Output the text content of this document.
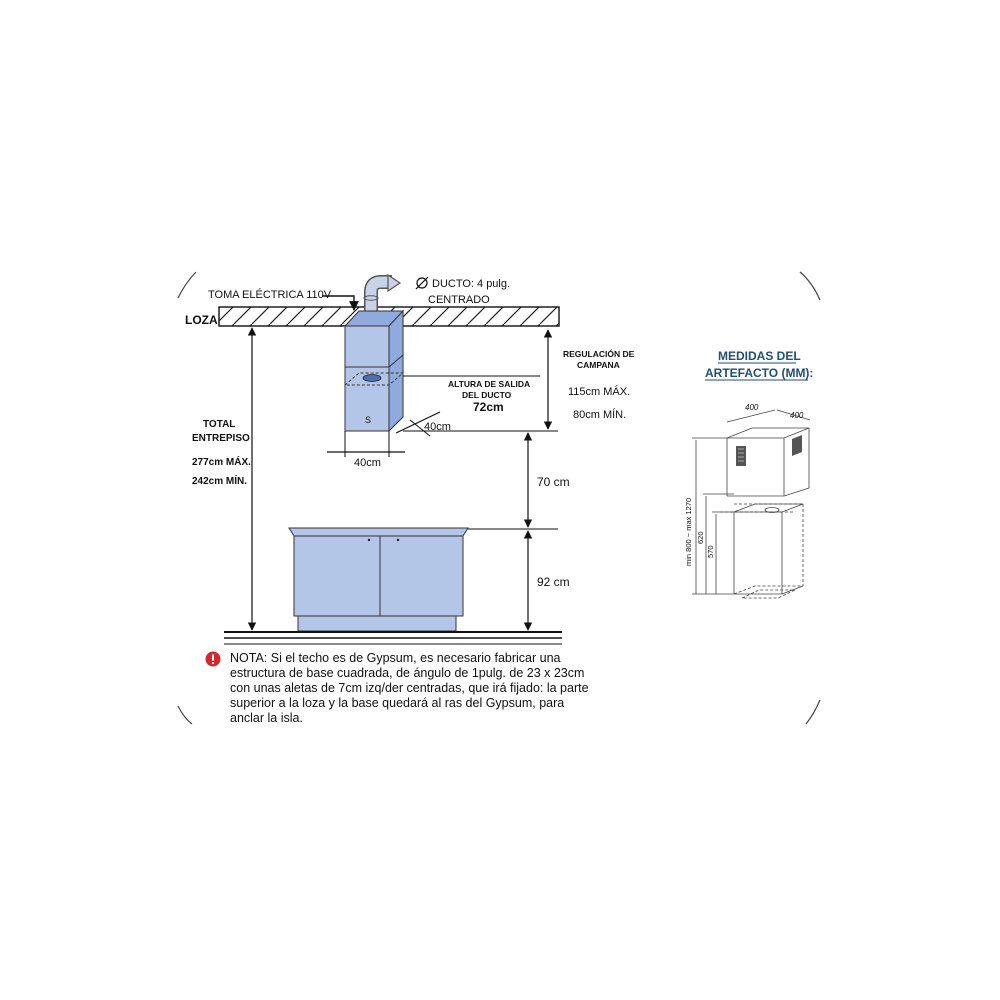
LOZA
TOMA ELÉCTRICA 110V
DUCTO: 4 pulg.
CENTRADO
S
40cm
40cm
ALTURA DE SALIDA
DEL DUCTO
72cm
REGULACIÓN DE
CAMPANA
115cm MÁX.
80cm MÍN.
70 cm
92 cm
TOTAL
ENTREPISO
277cm MÁX.
242cm MÍN.
MEDIDAS DEL
ARTEFACTO (MM):
400
400
min 800 ~ max 1270 620
570
NOTA: Si el techo es de Gypsum, es necesario fabricar una estructura de base cuadrada, de ángulo de 1pulg. de 23 x 23cm con unas aletas de 7cm izq/der centradas, que irá fijado: la parte superior a la loza y la base quedará al ras del Gypsum, para anclar la isla.
